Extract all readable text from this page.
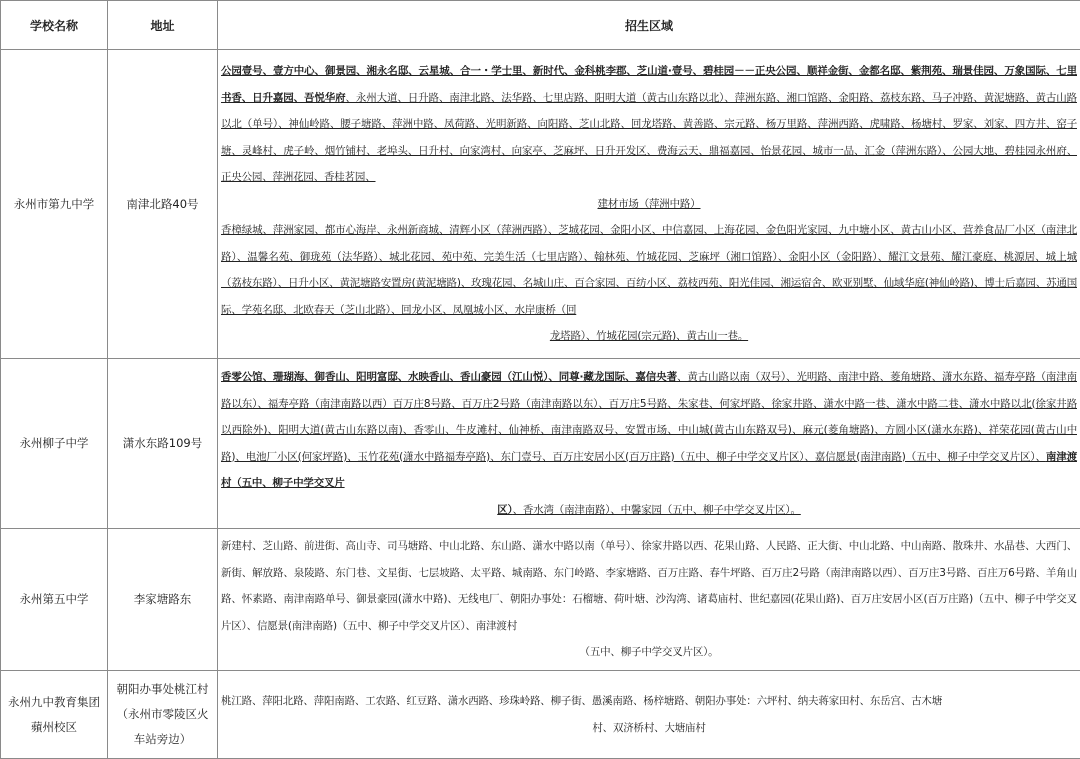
学校名称	地址	招生区域
永州市第九中学	南津北路40号	公园壹号、壹方中心、御景园、湘永名邸、云星城、合一・学士里、新时代、金科桃李郡、芝山道·壹号、碧桂园－－正央公园、顺祥金街、金都名邸、紫荆苑、瑞景佳园、万象国际、七里书香、日升嘉园、吾悦华府、永州大道、日升路、南津北路、法华路、七里店路、阳明大道（黄古山东路以北）、萍洲东路、湘口馆路、金阳路、荔枝东路、马子冲路、黄泥塘路、黄古山路以北（单号）、神仙岭路、腰子塘路、萍洲中路、凤荷路、光明新路、向阳路、芝山北路、回龙塔路、黄善路、宗元路、杨万里路、萍洲西路、虎啸路、杨塘村、罗家、刘家、四方井、窑子塘、灵峰村、虎子岭、烟竹铺村、老埠头、日升村、向家湾村、向家亭、芝麻坪、日升开发区、费海云天、鼎福嘉园、怡景花园、城市一品、汇金（萍洲东路）、公园大地、碧桂园永州府、正央公园、萍洲花园、香桂茗园、

建材市场（萍洲中路）

香樟绿城、萍洲家园、都市心海岸、永州新商城、清辉小区（萍洲西路）、芝城花园、金阳小区、中信嘉园、上海花园、金色阳光家园、九中塘小区、黄古山小区、营养食品厂小区（南津北路）、温馨名苑、御珑苑（法华路）、城北花园、苑中苑、完美生活（七里店路）、翰林苑、竹城花园、芝麻坪（湘口馆路）、金阳小区（金阳路）、耀江文景苑、耀江豪庭、桃源居、城上城（荔枝东路）、日升小区、黄泥塘路安置房(黄泥塘路)、玫瑰花园、名城山庄、百合家园、百纺小区、荔枝西苑、阳光佳园、湘运宿舍、欧亚别墅、仙域华庭(神仙岭路)、博士后嘉园、苏通国际、学苑名邸、北欧春天（芝山北路）、回龙小区、凤凰城小区、水岸康桥（回

龙塔路）、竹城花园(宗元路)、黄古山一巷。

永州柳子中学	潇水东路109号	香零公馆、珊瑚海、御香山、阳明富邸、水映香山、香山豪园（江山悦）、同尊·藏龙国际、嘉信央著、黄古山路以南（双号）、光明路、南津中路、菱角塘路、潇水东路、福寿亭路（南津南路以东）、福寿亭路（南津南路以西）百万庄8号路、百万庄2号路（南津南路以东）、百万庄5号路、朱家巷、何家坪路、徐家井路、潇水中路一巷、潇水中路二巷、潇水中路以北(徐家井路以西除外)、阳明大道(黄古山东路以南)、香零山、牛皮滩村、仙神桥、南津南路双号、安置市场、中山城(黄古山东路双号)、麻元(菱角塘路)、方圆小区(潇水东路)、祥荣花园(黄古山中路)、电池厂小区(何家坪路)、玉竹花苑(潇水中路福寿亭路)、东门壹号、百万庄安居小区(百万庄路)（五中、柳子中学交叉片区）、嘉信愿景(南津南路)（五中、柳子中学交叉片区）、南津渡村（五中、柳子中学交叉片

区）、香水湾（南津南路）、中馨家园（五中、柳子中学交叉片区）。

永州第五中学	李家塘路东	新建村、芝山路、前进街、高山寺、司马塘路、中山北路、东山路、潇水中路以南（单号）、徐家井路以西、花果山路、人民路、正大街、中山北路、中山南路、散珠井、水晶巷、大西门、新街、解放路、泉陵路、东门巷、文星街、七层坡路、太平路、城南路、东门岭路、李家塘路、百万庄路、春牛坪路、百万庄2号路（南津南路以西）、百万庄3号路、百庄万6号路、羊角山路、怀素路、南津南路单号、御景豪园(潇水中路)、无线电厂、朝阳办事处：石榴塘、荷叶塘、沙沟湾、诸葛庙村、世纪嘉园(花果山路)、百万庄安居小区(百万庄路)（五中、柳子中学交叉片区）、信愿景(南津南路)（五中、柳子中学交叉片区）、南津渡村

（五中、柳子中学交叉片区）。

永州九中教育集团蘋州校区	朝阳办事处桃江村（永州市零陵区火车站旁边）	桃江路、萍阳北路、萍阳南路、工农路、红豆路、潇水西路、珍珠岭路、柳子街、愚溪南路、杨梓塘路、朝阳办事处：六坪村、纳夫蒋家田村、东岳宫、古木塘

村、双济桥村、大塘庙村
